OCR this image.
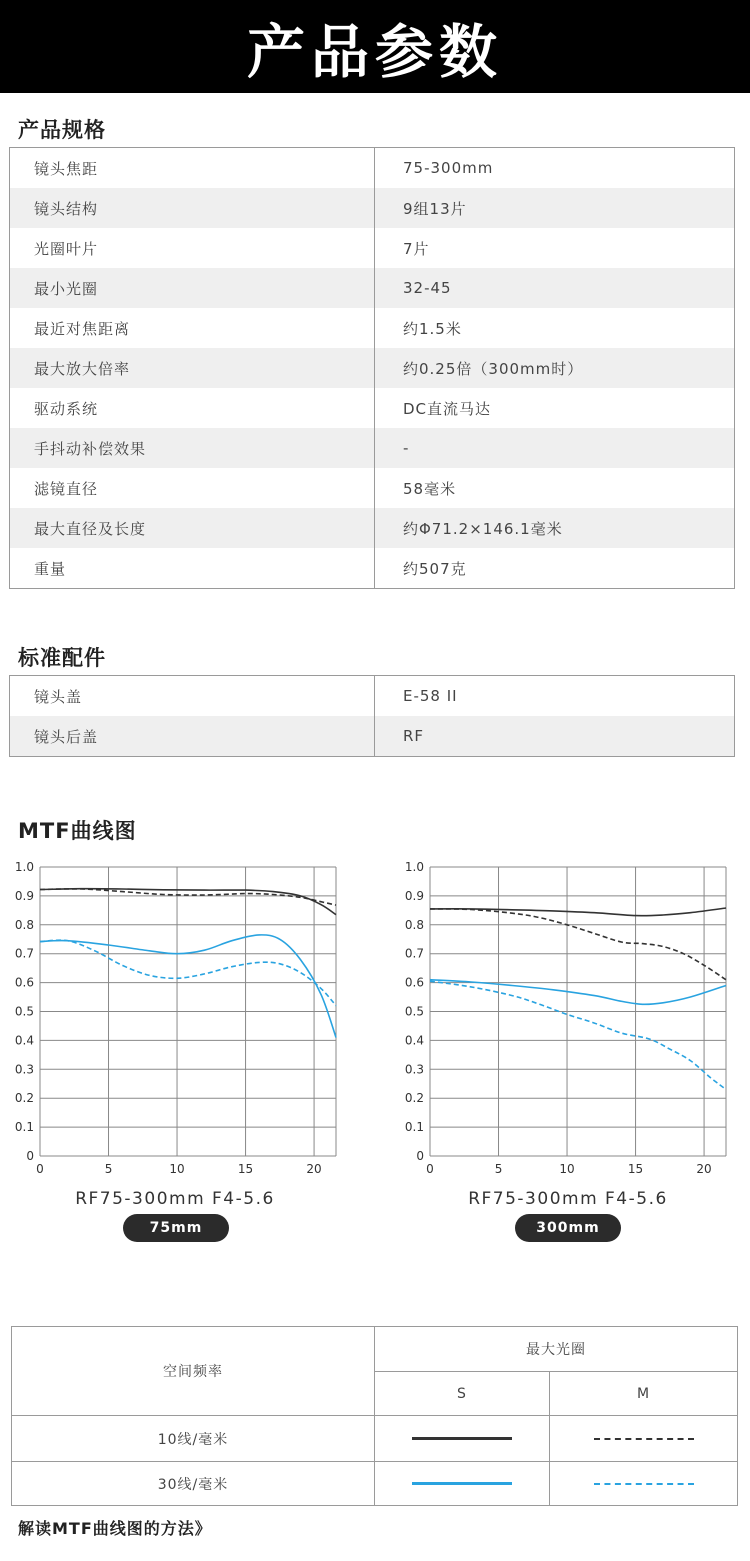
产品参数
产品规格
镜头焦距	75-300mm
镜头结构	9组13片
光圈叶片	7片
最小光圈	32-45
最近对焦距离	约1.5米
最大放大倍率	约0.25倍（300mm时）
驱动系统	DC直流马达
手抖动补偿效果	-
滤镜直径	58毫米
最大直径及长度	约Φ71.2×146.1毫米
重量	约507克
标准配件
镜头盖	E-58 II
镜头后盖	RF
MTF曲线图
0
0.1
0.2
0.3
0.4
0.5
0.6
0.7
0.8
0.9
1.0
0	5	10	15	20
RF75-300mm F4-5.6
75mm
0
0.1
0.2
0.3
0.4
0.5
0.6
0.7
0.8
0.9
1.0
0	5	10	15	20
RF75-300mm F4-5.6
300mm
空间频率	最大光圈	
	S	M
10线/毫米		
30线/毫米		
解读MTF曲线图的方法》
